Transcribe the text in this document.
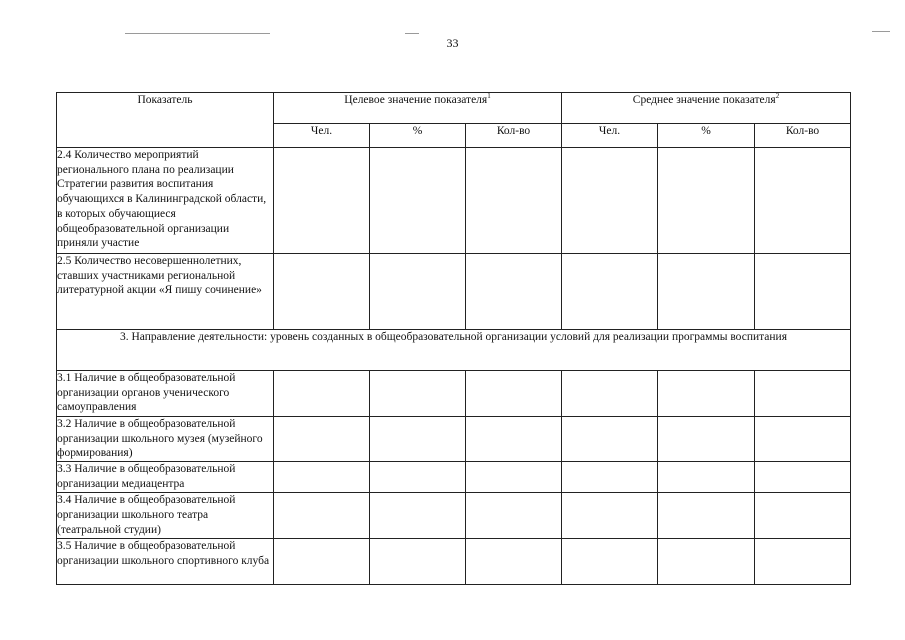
33
Показатель	Целевое значение показателя$^1$			Среднее значение показателя$^2$
	Чел.	%	Кол-во	Чел.	%	Кол-во
2.4 Количество мероприятий регионального плана по реализации Стратегии развития воспитания обучающихся в Калининградской области, в которых обучающиеся общеобразовательной организации приняли участие						
2.5 Количество несовершеннолетних, ставших участниками региональной литературной акции «Я пишу сочинение»						
3. Направление деятельности: уровень созданных в общеобразовательной организации условий для реализации программы воспитания						
3.1 Наличие в общеобразовательной организации органов ученического самоуправления						
3.2 Наличие в общеобразовательной организации школьного музея (музейного формирования)						
3.3 Наличие в общеобразовательной организации медиацентра						
3.4 Наличие в общеобразовательной организации школьного театра (театральной студии)						
3.5 Наличие в общеобразовательной организации школьного спортивного клуба						
